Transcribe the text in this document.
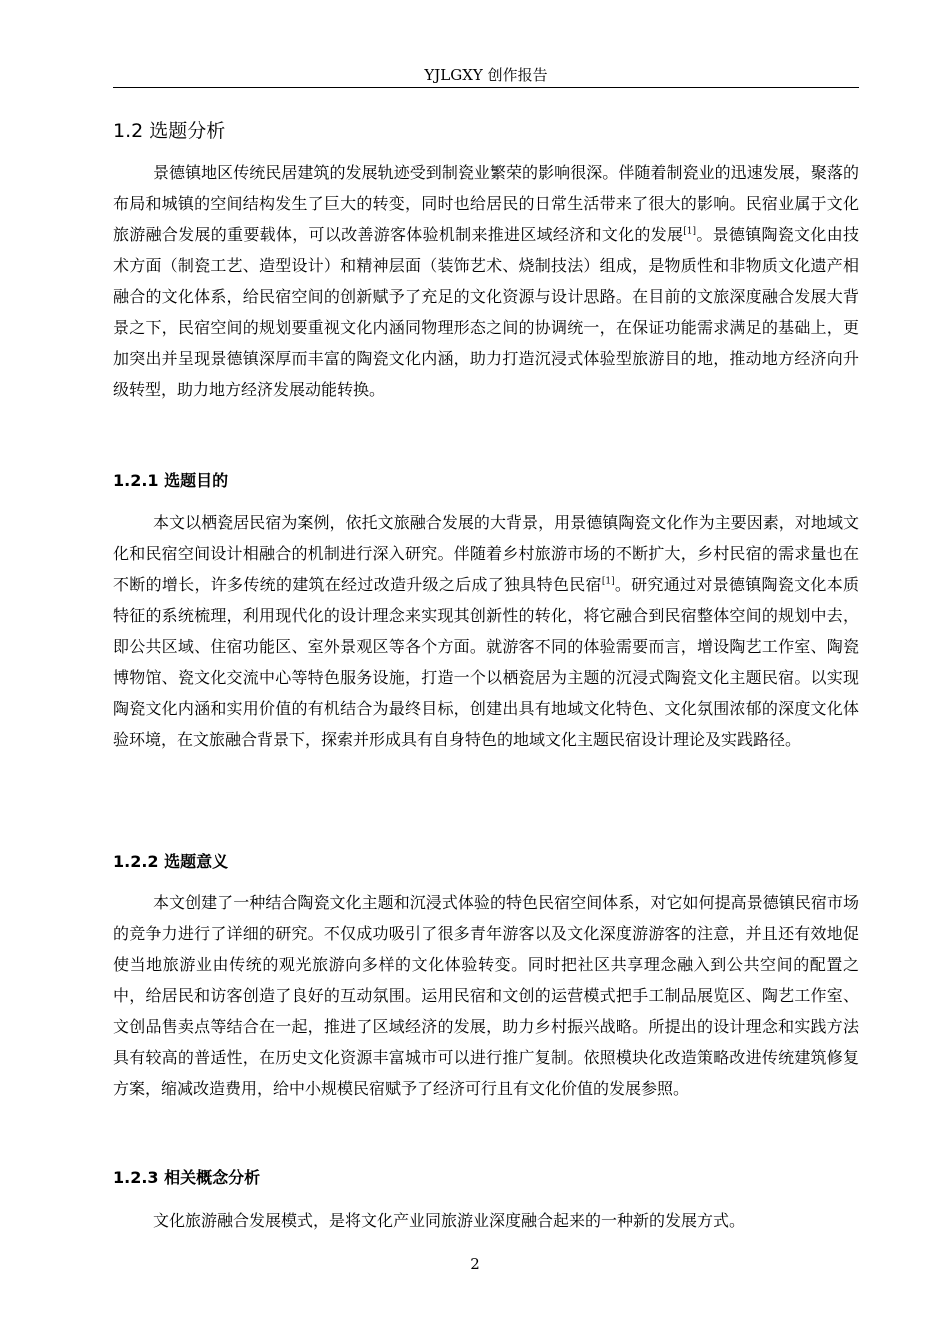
YJLGXY 创作报告
1.2 选题分析

景德镇地区传统民居建筑的发展轨迹受到制瓷业繁荣的影响很深。伴随着制瓷业的迅速发展，聚落的布局和城镇的空间结构发生了巨大的转变，同时也给居民的日常生活带来了很大的影响。民宿业属于文化旅游融合发展的重要载体，可以改善游客体验机制来推进区域经济和文化的发展[1]。景德镇陶瓷文化由技术方面（制瓷工艺、造型设计）和精神层面（装饰艺术、烧制技法）组成，是物质性和非物质文化遗产相融合的文化体系，给民宿空间的创新赋予了充足的文化资源与设计思路。在目前的文旅深度融合发展大背景之下，民宿空间的规划要重视文化内涵同物理形态之间的协调统一，在保证功能需求满足的基础上，更加突出并呈现景德镇深厚而丰富的陶瓷文化内涵，助力打造沉浸式体验型旅游目的地，推动地方经济向升级转型，助力地方经济发展动能转换。

1.2.1 选题目的

本文以栖瓷居民宿为案例，依托文旅融合发展的大背景，用景德镇陶瓷文化作为主要因素，对地域文化和民宿空间设计相融合的机制进行深入研究。伴随着乡村旅游市场的不断扩大，乡村民宿的需求量也在不断的增长，许多传统的建筑在经过改造升级之后成了独具特色民宿[1]。研究通过对景德镇陶瓷文化本质特征的系统梳理，利用现代化的设计理念来实现其创新性的转化，将它融合到民宿整体空间的规划中去，即公共区域、住宿功能区、室外景观区等各个方面。就游客不同的体验需要而言，增设陶艺工作室、陶瓷博物馆、瓷文化交流中心等特色服务设施，打造一个以栖瓷居为主题的沉浸式陶瓷文化主题民宿。以实现陶瓷文化内涵和实用价值的有机结合为最终目标，创建出具有地域文化特色、文化氛围浓郁的深度文化体验环境，在文旅融合背景下，探索并形成具有自身特色的地域文化主题民宿设计理论及实践路径。

1.2.2 选题意义

本文创建了一种结合陶瓷文化主题和沉浸式体验的特色民宿空间体系，对它如何提高景德镇民宿市场的竞争力进行了详细的研究。不仅成功吸引了很多青年游客以及文化深度游游客的注意，并且还有效地促使当地旅游业由传统的观光旅游向多样的文化体验转变。同时把社区共享理念融入到公共空间的配置之中，给居民和访客创造了良好的互动氛围。运用民宿和文创的运营模式把手工制品展览区、陶艺工作室、文创品售卖点等结合在一起，推进了区域经济的发展，助力乡村振兴战略。所提出的设计理念和实践方法具有较高的普适性，在历史文化资源丰富城市可以进行推广复制。依照模块化改造策略改进传统建筑修复方案，缩减改造费用，给中小规模民宿赋予了经济可行且有文化价值的发展参照。

1.2.3 相关概念分析

文化旅游融合发展模式，是将文化产业同旅游业深度融合起来的一种新的发展方式。

2
